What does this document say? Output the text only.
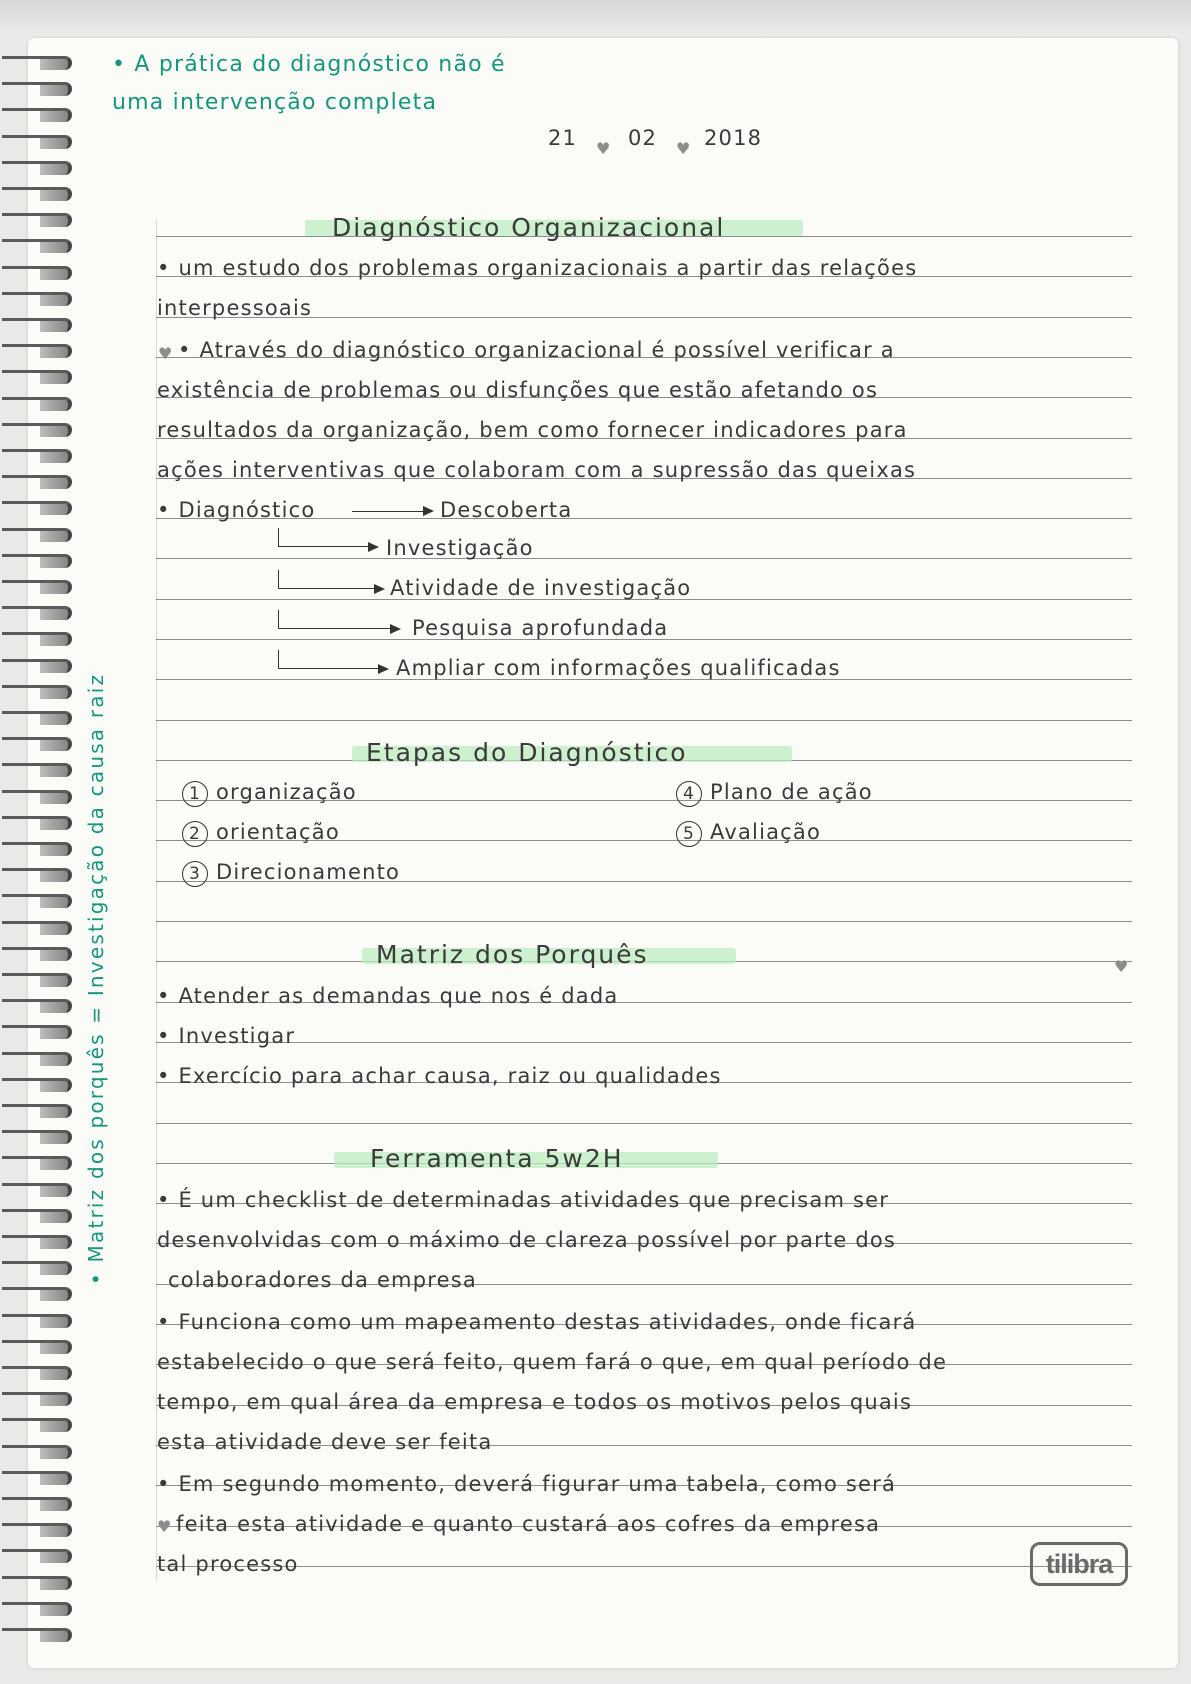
• A prática do diagnóstico não é
uma intervenção completa
21 ♥ 02 ♥ 2018
Diagnóstico Organizacional
• um estudo dos problemas organizacionais a partir das relações
interpessoais
♥ • Através do diagnóstico organizacional é possível verificar a
existência de problemas ou disfunções que estão afetando os
resultados da organização, bem como fornecer indicadores para
ações interventivas que colaboram com a supressão das queixas
• Diagnóstico	Descoberta
Investigação
Atividade de investigação
Pesquisa aprofundada
Ampliar com informações qualificadas
Etapas do Diagnóstico
1 organização
2 orientação
3 Direcionamento
4 Plano de ação
5 Avaliação
Matriz dos Porquês	♥
• Atender as demandas que nos é dada
• Investigar
• Exercício para achar causa, raiz ou qualidades
Ferramenta 5w2H
• É um checklist de determinadas atividades que precisam ser
desenvolvidas com o máximo de clareza possível por parte dos
colaboradores da empresa
• Funciona como um mapeamento destas atividades, onde ficará
estabelecido o que será feito, quem fará o que, em qual período de
tempo, em qual área da empresa e todos os motivos pelos quais
esta atividade deve ser feita
• Em segundo momento, deverá figurar uma tabela, como será
♥ feita esta atividade e quanto custará aos cofres da empresa
tal processo
• Matriz dos porquês = Investigação da causa raiz
tilibra
